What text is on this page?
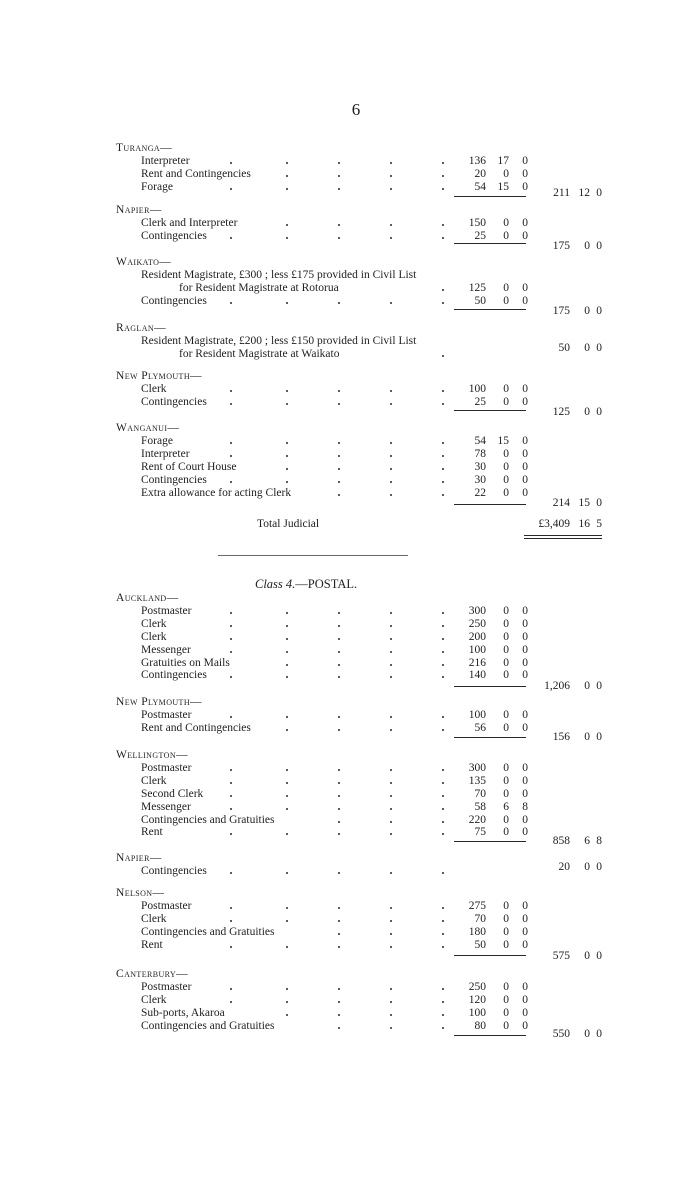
6
Turanga —
Interpreter	136	17	0
Rent and Contingencies	20	0	0
Forage	54	15	0
211 12 0
Napier —
Clerk and Interpreter	150	0	0
Contingencies	25	0	0
175	0 0
Waikato —
Resident Magistrate, £300 ; less £175 provided in Civil List
for Resident Magistrate at Rotorua	125	0	0
Contingencies	50	0	0
175	0 0
Raglan —
Resident Magistrate, £200 ; less £150 provided in Civil List
for Resident Magistrate at Waikato	50	0 0
New Plymouth —
Clerk	100	0	0
Contingencies	25	0	0
125	0 0
Wanganui —
Forage	54	15	0
Interpreter	78	0	0
Rent of Court House	30	0	0
Contingencies	30	0	0
Extra allowance for acting Clerk	22	0	0
214 15 0
Total Judicial	£3,409 16 5
Class 4.—POSTAL.
Auckland —
Postmaster	300	0	0
Clerk	250	0	0
Clerk	200	0	0
Messenger	100	0	0
Gratuities on Mails	216	0	0
Contingencies	140	0	0
1,206	0 0
New Plymouth —
Postmaster	100	0	0
Rent and Contingencies	56	0	0
156	0 0
Wellington —
Postmaster	300	0	0
Clerk	135	0	0
Second Clerk	70	0	0
Messenger	58	6	8
Contingencies and Gratuities	220	0	0
Rent	75	0	0
858	6 8
Napier —
Contingencies	20	0 0
Nelson —
Postmaster	275	0	0
Clerk	70	0	0
Contingencies and Gratuities	180	0	0
Rent	50	0	0
575	0 0
Canterbury —
Postmaster	250	0	0
Clerk	120	0	0
Sub-ports, Akaroa	100	0	0
Contingencies and Gratuities	80	0	0
550	0 0
